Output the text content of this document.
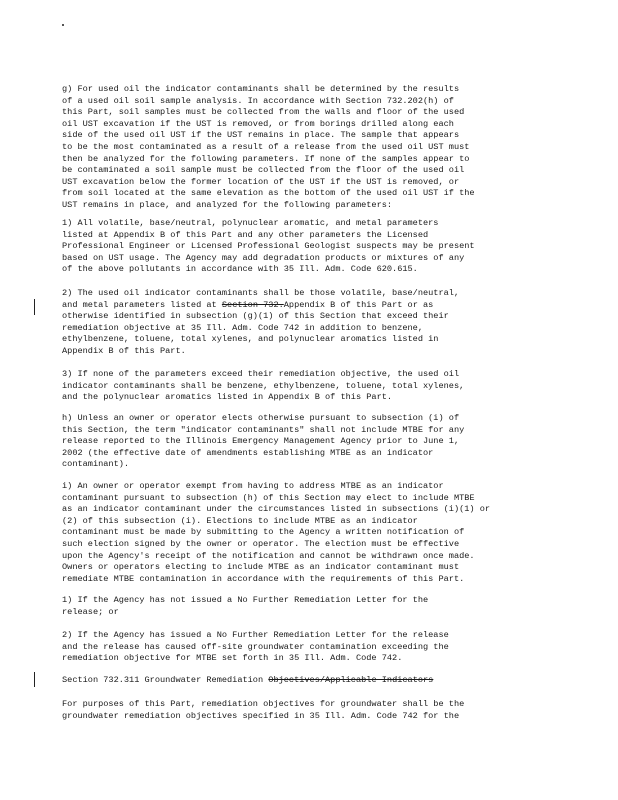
g) For used oil the indicator contaminants shall be determined by the results
of a used oil soil sample analysis. In accordance with Section 732.202(h) of
this Part, soil samples must be collected from the walls and floor of the used
oil UST excavation if the UST is removed, or from borings drilled along each
side of the used oil UST if the UST remains in place. The sample that appears
to be the most contaminated as a result of a release from the used oil UST must
then be analyzed for the following parameters. If none of the samples appear to
be contaminated a soil sample must be collected from the floor of the used oil
UST excavation below the former location of the UST if the UST is removed, or
from soil located at the same elevation as the bottom of the used oil UST if the
UST remains in place, and analyzed for the following parameters:

1) All volatile, base/neutral, polynuclear aromatic, and metal parameters
listed at Appendix B of this Part and any other parameters the Licensed
Professional Engineer or Licensed Professional Geologist suspects may be present
based on UST usage. The Agency may add degradation products or mixtures of any
of the above pollutants in accordance with 35 Ill. Adm. Code 620.615.

2) The used oil indicator contaminants shall be those volatile, base/neutral,
and metal parameters listed at Section 732.Appendix B of this Part or as
otherwise identified in subsection (g)(1) of this Section that exceed their
remediation objective at 35 Ill. Adm. Code 742 in addition to benzene,
ethylbenzene, toluene, total xylenes, and polynuclear aromatics listed in
Appendix B of this Part.

3) If none of the parameters exceed their remediation objective, the used oil
indicator contaminants shall be benzene, ethylbenzene, toluene, total xylenes,
and the polynuclear aromatics listed in Appendix B of this Part.

h) Unless an owner or operator elects otherwise pursuant to subsection (i) of
this Section, the term "indicator contaminants" shall not include MTBE for any
release reported to the Illinois Emergency Management Agency prior to June 1,
2002 (the effective date of amendments establishing MTBE as an indicator
contaminant).

i) An owner or operator exempt from having to address MTBE as an indicator
contaminant pursuant to subsection (h) of this Section may elect to include MTBE
as an indicator contaminant under the circumstances listed in subsections (i)(1) or
(2) of this subsection (i). Elections to include MTBE as an indicator
contaminant must be made by submitting to the Agency a written notification of
such election signed by the owner or operator. The election must be effective
upon the Agency's receipt of the notification and cannot be withdrawn once made.
Owners or operators electing to include MTBE as an indicator contaminant must
remediate MTBE contamination in accordance with the requirements of this Part.

1) If the Agency has not issued a No Further Remediation Letter for the
release; or

2) If the Agency has issued a No Further Remediation Letter for the release
and the release has caused off-site groundwater contamination exceeding the
remediation objective for MTBE set forth in 35 Ill. Adm. Code 742.

Section 732.311 Groundwater Remediation Objectives/Applicable Indicators

For purposes of this Part, remediation objectives for groundwater shall be the
groundwater remediation objectives specified in 35 Ill. Adm. Code 742 for the
